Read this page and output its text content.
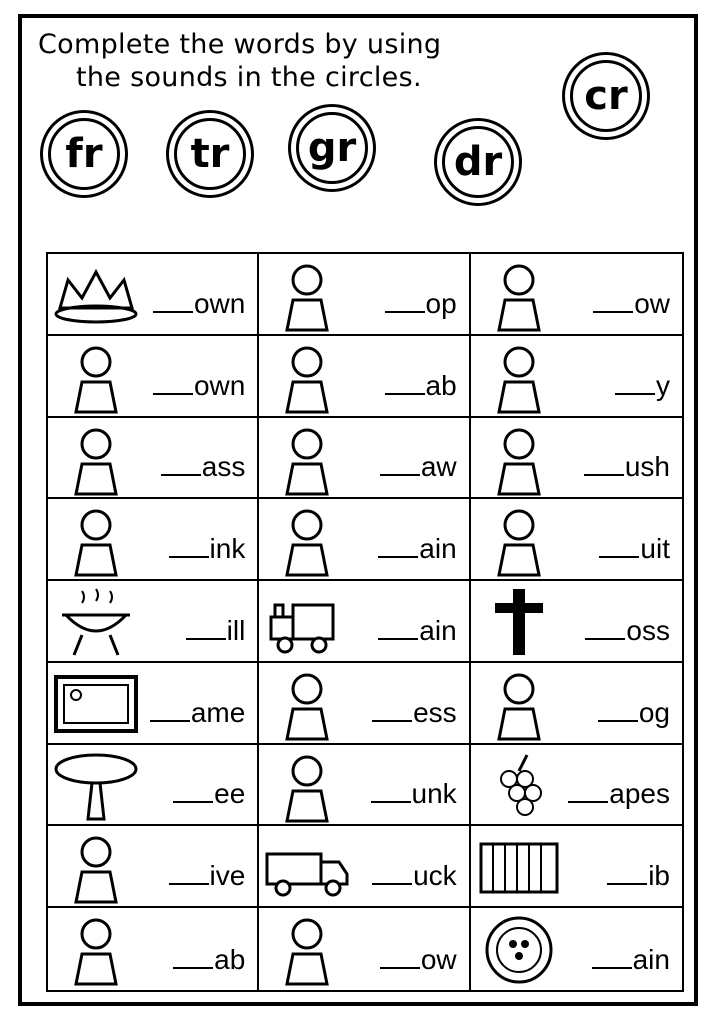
Complete the words by using
the sounds in the circles.
fr	tr	gr dr
cr
own	op	ow
own	ab	y
ass	aw	ush
ink	ain	uit
ill	ain	oss
ame	ess	og
ee	unk	apes
ive	uck	ib
ab	ow	ain
